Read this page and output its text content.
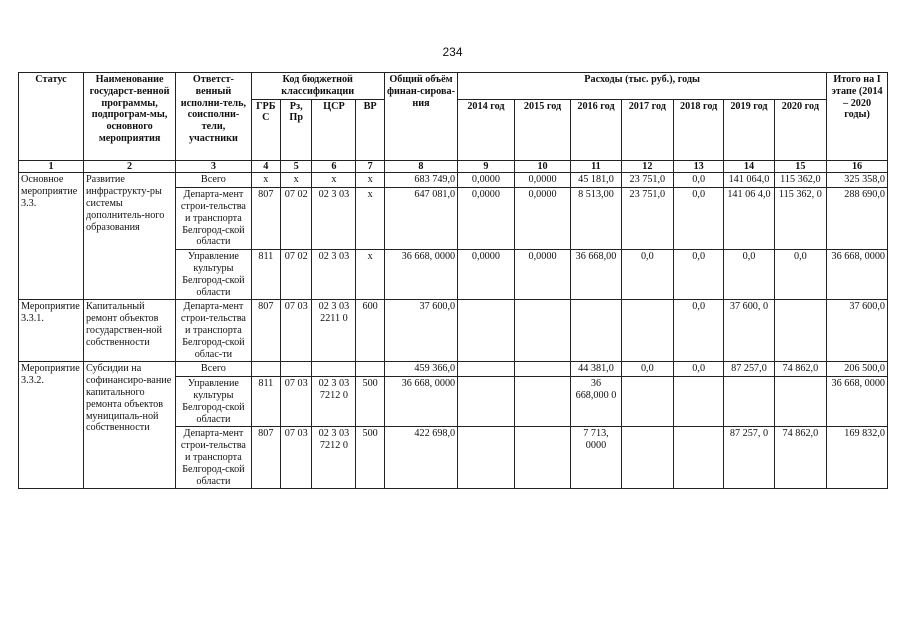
234
Статус	Наименование государст-венной программы, подпрограм-мы, основного мероприятия	Ответст-венный исполни-тель, соисполни-тели, участники	Код бюджетной классификации				Общий объём финан-сирова-ния	Расходы (тыс. руб.), годы							Итого на I этапе (2014 – 2020 годы)
			ГРБ С	Рз, Пр	ЦСР	ВР		2014 год	2015 год	2016 год	2017 год	2018 год	2019 год	2020 год	
1	2	3	4	5	6	7	8	9	10	11	12	13	14	15	16
Основное мероприятие 3.3.	Развитие инфраструкту-ры системы дополнитель-ного образования	Всего	х	х	х	х	683 749,0	0,0000	0,0000	45 181,0	23 751,0	0,0	141 064,0	115 362,0	325 358,0
		Департа-мент строи-тельства и транспорта Белгород-ской области	807	07 02	02 3 03	х	647 081,0	0,0000	0,0000	8 513,00	23 751,0	0,0	141 06 4,0	115 362, 0	288 690,0
		Управление культуры Белгород-ской области	811	07 02	02 3 03	х	36 668, 0000	0,0000	0,0000	36 668,00	0,0	0,0	0,0	0,0	36 668, 0000
Мероприятие 3.3.1.	Капитальный ремонт объектов государствен-ной собственности	Департа-мент строи-тельства и транспорта Белгород-ской облас-ти	807	07 03	02 3 03 2211 0	600	37 600,0					0,0	37 600, 0		37 600,0
Мероприятие 3.3.2.	Субсидии на софинансиро-вание капитального ремонта объектов муниципаль-ной собственности	Всего					459 366,0			44 381,0	0,0	0,0	87 257,0	74 862,0	206 500,0
		Управление культуры Белгород-ской области	811	07 03	02 3 03 7212 0	500	36 668, 0000			36 668,000 0					36 668, 0000
		Департа-мент строи-тельства и транспорта Белгород-ской области	807	07 03	02 3 03 7212 0	500	422 698,0			7 713, 0000			87 257, 0	74 862,0	169 832,0
